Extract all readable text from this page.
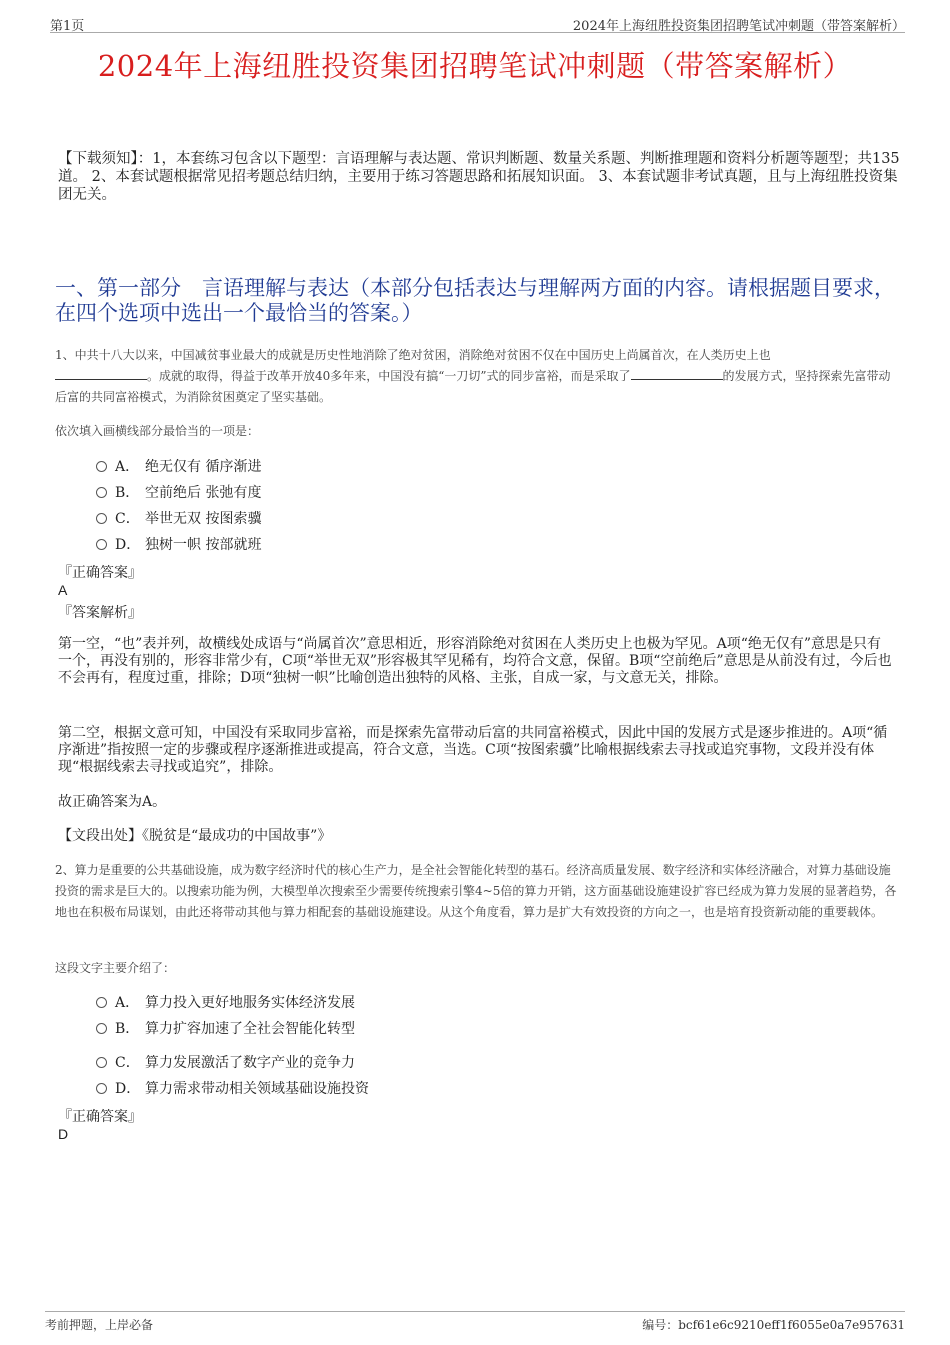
第1页	2024年上海纽胜投资集团招聘笔试冲刺题（带答案解析）
2024年上海纽胜投资集团招聘笔试冲刺题（带答案解析）
【下载须知】：1，本套练习包含以下题型：言语理解与表达题、常识判断题、数量关系题、判断推理题和资料分析题等题型；共135道。 2、本套试题根据常见招考题总结归纳，主要用于练习答题思路和拓展知识面。 3、本套试题非考试真题，且与上海纽胜投资集团无关。
一、第一部分　言语理解与表达（本部分包括表达与理解两方面的内容。请根据题目要求，在四个选项中选出一个最恰当的答案。）
1、中共十八大以来，中国减贫事业最大的成就是历史性地消除了绝对贫困，消除绝对贫困不仅在中国历史上尚属首次，在人类历史上也
。成就的取得，得益于改革开放40多年来，中国没有搞“一刀切”式的同步富裕，而是采取了	的发展方式，坚持探索先富带动后富的共同富裕模式，为消除贫困奠定了坚实基础。
依次填入画横线部分最恰当的一项是：
A． 绝无仅有 循序渐进
B． 空前绝后 张弛有度
C． 举世无双 按图索骥
D． 独树一帜 按部就班
『正确答案』
A
『答案解析』
第一空，“也”表并列，故横线处成语与“尚属首次”意思相近，形容消除绝对贫困在人类历史上也极为罕见。A项“绝无仅有”意思是只有一个，再没有别的，形容非常少有，C项“举世无双”形容极其罕见稀有，均符合文意，保留。B项“空前绝后”意思是从前没有过，今后也不会再有，程度过重，排除；D项“独树一帜”比喻创造出独特的风格、主张，自成一家，与文意无关，排除。
第二空，根据文意可知，中国没有采取同步富裕，而是探索先富带动后富的共同富裕模式，因此中国的发展方式是逐步推进的。A项“循序渐进”指按照一定的步骤或程序逐渐推进或提高，符合文意，当选。C项“按图索骥”比喻根据线索去寻找或追究事物，文段并没有体现“根据线索去寻找或追究”，排除。
故正确答案为A。
【文段出处】《脱贫是“最成功的中国故事”》
2、算力是重要的公共基础设施，成为数字经济时代的核心生产力，是全社会智能化转型的基石。经济高质量发展、数字经济和实体经济融合，对算力基础设施投资的需求是巨大的。以搜索功能为例，大模型单次搜索至少需要传统搜索引擎4~5倍的算力开销，这方面基础设施建设扩容已经成为算力发展的显著趋势，各地也在积极布局谋划，由此还将带动其他与算力相配套的基础设施建设。从这个角度看，算力是扩大有效投资的方向之一，也是培育投资新动能的重要载体。
这段文字主要介绍了：
A． 算力投入更好地服务实体经济发展
B． 算力扩容加速了全社会智能化转型
C． 算力发展激活了数字产业的竞争力
D． 算力需求带动相关领域基础设施投资
『正确答案』
D
考前押题，上岸必备	编号：bcf61e6c9210eff1f6055e0a7e957631
